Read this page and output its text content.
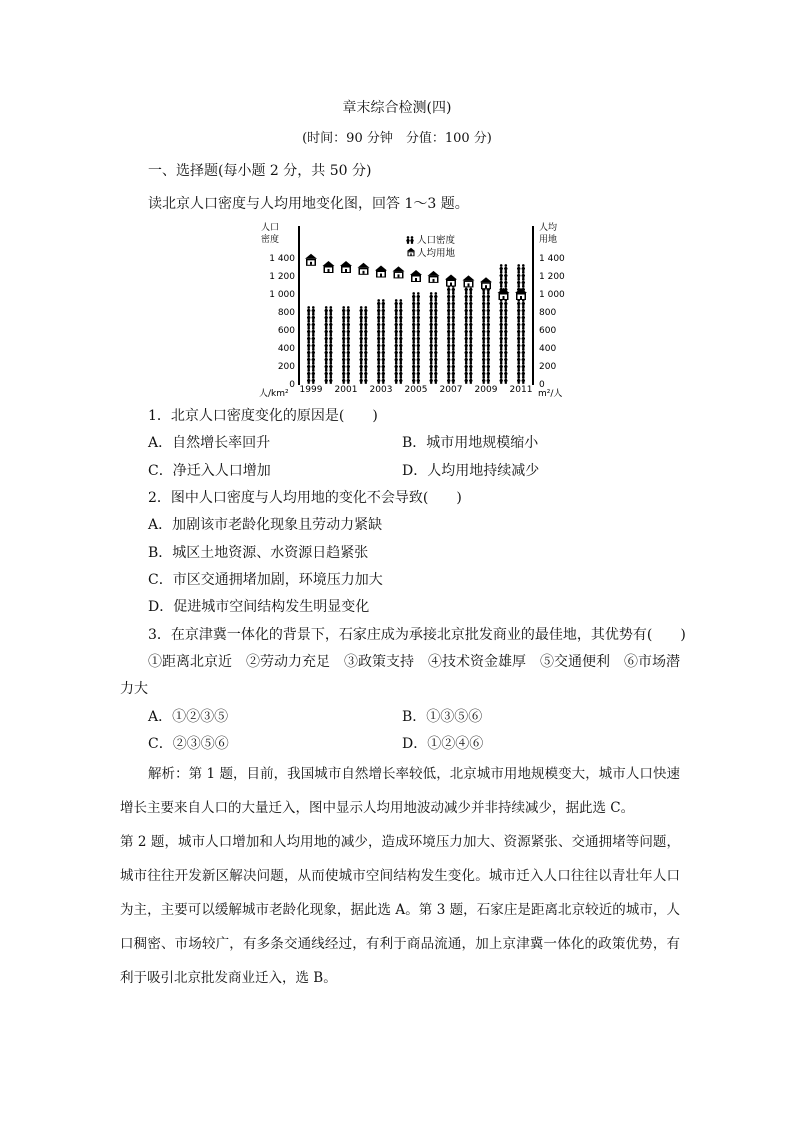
章末综合检测(四)
(时间：90 分钟　分值：100 分)
一、选择题(每小题 2 分，共 50 分)
读北京人口密度与人均用地变化图，回答 1～3 题。
人口
密度
人/km²
人均
用地
m²/人
人口密度
人均用地
0
200
400
600
800
1 000
1 200
1 400
0
200
400
600
800
1 000
1 200
1 400
1999 2001 2003 2005 2007 2009 2011
1．北京人口密度变化的原因是(　　)
A．自然增长率回升	B．城市用地规模缩小
C．净迁入人口增加	D．人均用地持续减少
2．图中人口密度与人均用地的变化不会导致(　　)
A．加剧该市老龄化现象且劳动力紧缺
B．城区土地资源、水资源日趋紧张
C．市区交通拥堵加剧，环境压力加大
D．促进城市空间结构发生明显变化
3．在京津冀一体化的背景下，石家庄成为承接北京批发商业的最佳地，其优势有(　　)
①距离北京近　②劳动力充足　③政策支持　④技术资金雄厚　⑤交通便利　⑥市场潜
力大
A．①②③⑤	B．①③⑤⑥
C．②③⑤⑥	D．①②④⑥
解析：第 1 题，目前，我国城市自然增长率较低，北京城市用地规模变大，城市人口快速增长主要来自人口的大量迁入，图中显示人均用地波动减少并非持续减少，据此选 C。
第 2 题，城市人口增加和人均用地的减少，造成环境压力加大、资源紧张、交通拥堵等问题，城市往往开发新区解决问题，从而使城市空间结构发生变化。城市迁入人口往往以青壮年人口为主，主要可以缓解城市老龄化现象，据此选 A。第 3 题，石家庄是距离北京较近的城市，人口稠密、市场较广，有多条交通线经过，有利于商品流通，加上京津冀一体化的政策优势，有利于吸引北京批发商业迁入，选 B。
